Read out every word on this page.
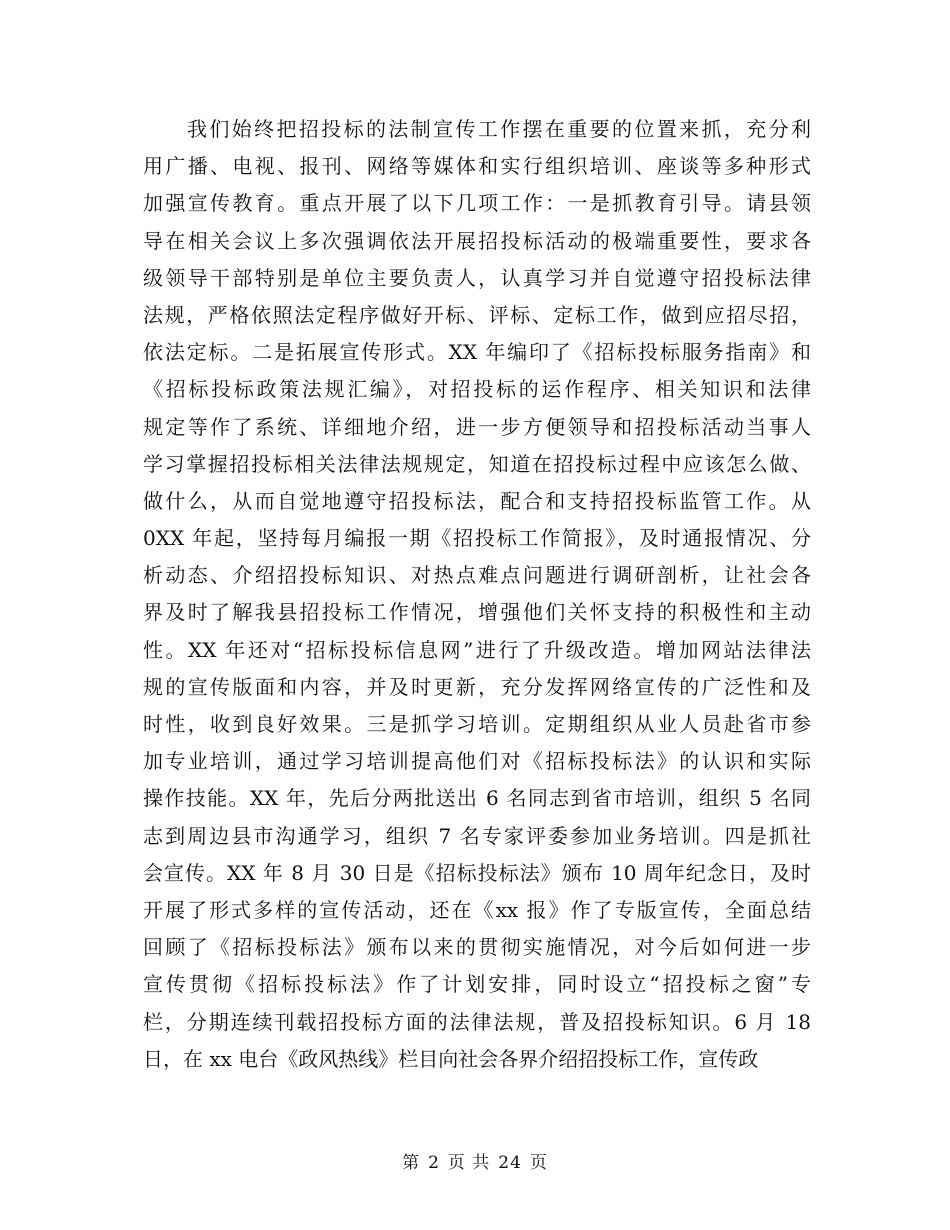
我们始终把招投标的法制宣传工作摆在重要的位置来抓，充分利
用广播、电视、报刊、网络等媒体和实行组织培训、座谈等多种形式
加强宣传教育。重点开展了以下几项工作：一是抓教育引导。请县领
导在相关会议上多次强调依法开展招投标活动的极端重要性，要求各
级领导干部特别是单位主要负责人，认真学习并自觉遵守招投标法律
法规，严格依照法定程序做好开标、评标、定标工作，做到应招尽招，
依法定标。二是拓展宣传形式。XX 年编印了《招标投标服务指南》和
《招标投标政策法规汇编》，对招投标的运作程序、相关知识和法律
规定等作了系统、详细地介绍，进一步方便领导和招投标活动当事人
学习掌握招投标相关法律法规规定，知道在招投标过程中应该怎么做、
做什么，从而自觉地遵守招投标法，配合和支持招投标监管工作。从
0XX 年起，坚持每月编报一期《招投标工作简报》，及时通报情况、分
析动态、介绍招投标知识、对热点难点问题进行调研剖析，让社会各
界及时了解我县招投标工作情况，增强他们关怀支持的积极性和主动
性。XX 年还对“招标投标信息网”进行了升级改造。增加网站法律法
规的宣传版面和内容，并及时更新，充分发挥网络宣传的广泛性和及
时性，收到良好效果。三是抓学习培训。定期组织从业人员赴省市参
加专业培训，通过学习培训提高他们对《招标投标法》的认识和实际
操作技能。XX 年，先后分两批送出 6 名同志到省市培训，组织 5 名同
志到周边县市沟通学习，组织 7 名专家评委参加业务培训。四是抓社
会宣传。XX 年 8 月 30 日是《招标投标法》颁布 10 周年纪念日，及时
开展了形式多样的宣传活动，还在《xx 报》作了专版宣传，全面总结
回顾了《招标投标法》颁布以来的贯彻实施情况，对今后如何进一步
宣传贯彻《招标投标法》作了计划安排，同时设立“招投标之窗”专
栏，分期连续刊载招投标方面的法律法规，普及招投标知识。6 月 18
日，在 xx 电台《政风热线》栏目向社会各界介绍招投标工作，宣传政
第 2 页 共 24 页
